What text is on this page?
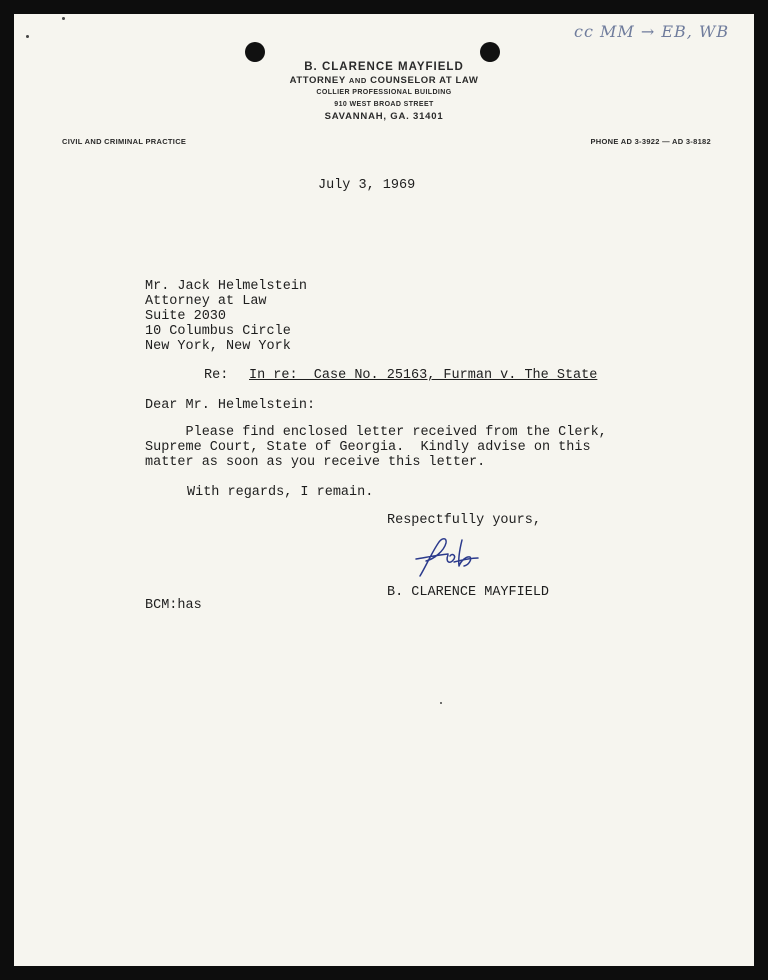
cc MM → EB, WB
B. CLARENCE MAYFIELD
ATTORNEY AND COUNSELOR AT LAW
COLLIER PROFESSIONAL BUILDING
910 WEST BROAD STREET
SAVANNAH, GA. 31401
CIVIL AND CRIMINAL PRACTICE	PHONE AD 3-3922 — AD 3-8182
July 3, 1969
Mr. Jack Helmelstein
Attorney at Law
Suite 2030
10 Columbus Circle
New York, New York
Re: In re:  Case No. 25163, Furman v. The State
Dear Mr. Helmelstein:
Please find enclosed letter received from the Clerk,
Supreme Court, State of Georgia.  Kindly advise on this
matter as soon as you receive this letter.
With regards, I remain.
Respectfully yours,
B. CLARENCE MAYFIELD
BCM:has
